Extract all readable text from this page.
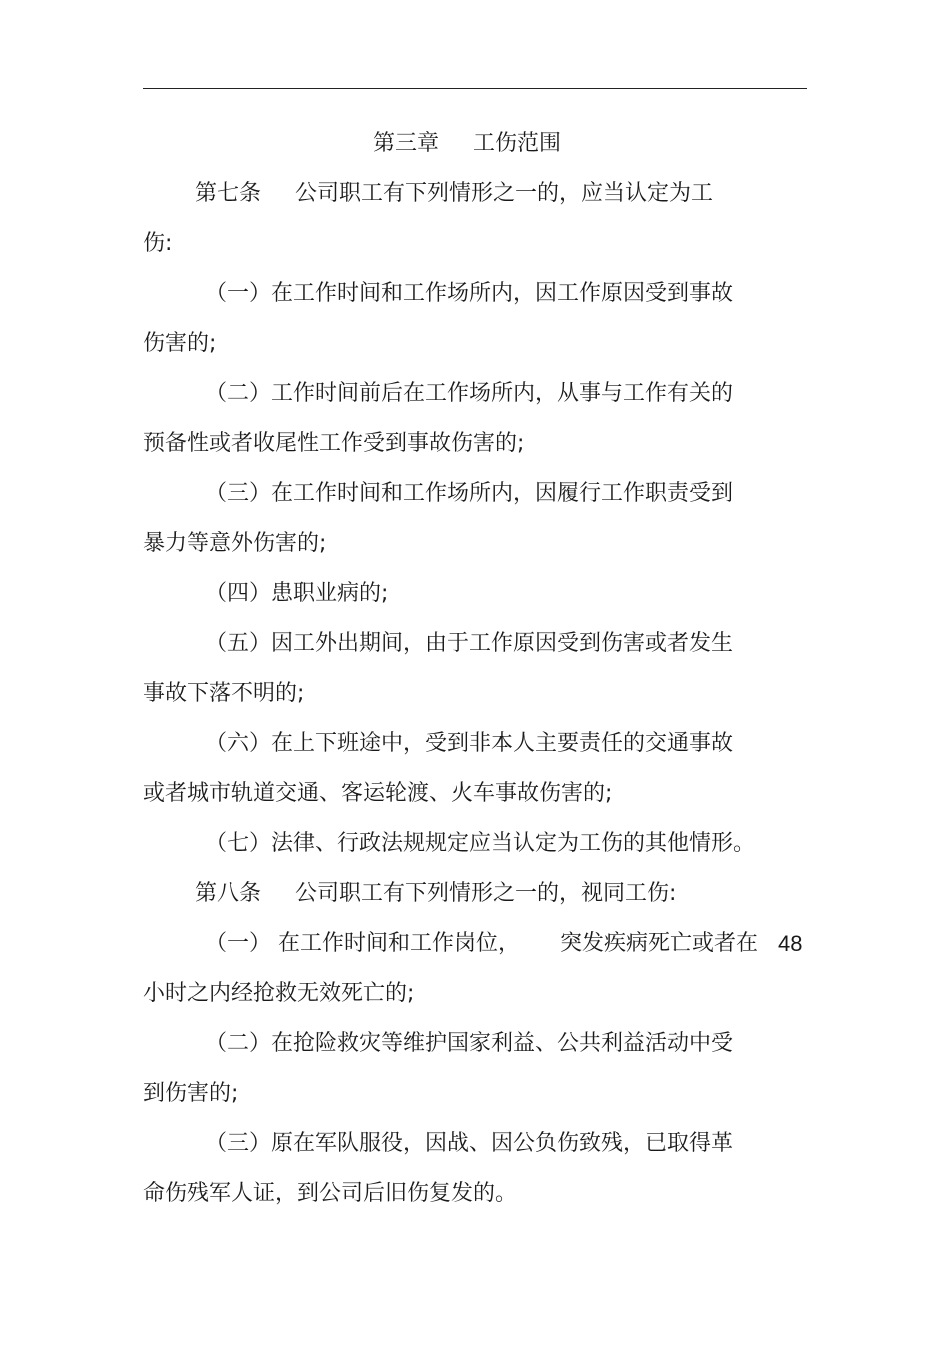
第三章 工伤范围
第七条 公司职工有下列情形之一的，应当认定为工
伤:
（一）在工作时间和工作场所内，因工作原因受到事故
伤害的;
（二）工作时间前后在工作场所内，从事与工作有关的
预备性或者收尾性工作受到事故伤害的;
（三）在工作时间和工作场所内，因履行工作职责受到
暴力等意外伤害的;
（四）患职业病的;
（五）因工外出期间，由于工作原因受到伤害或者发生
事故下落不明的;
（六）在上下班途中，受到非本人主要责任的交通事故
或者城市轨道交通、客运轮渡、火车事故伤害的;
（七）法律、行政法规规定应当认定为工伤的其他情形。
第八条 公司职工有下列情形之一的，视同工伤:
（一） 在工作时间和工作岗位， 突发疾病死亡或者在 48
小时之内经抢救无效死亡的;
（二）在抢险救灾等维护国家利益、公共利益活动中受
到伤害的;
（三）原在军队服役，因战、因公负伤致残，已取得革
命伤残军人证，到公司后旧伤复发的。
